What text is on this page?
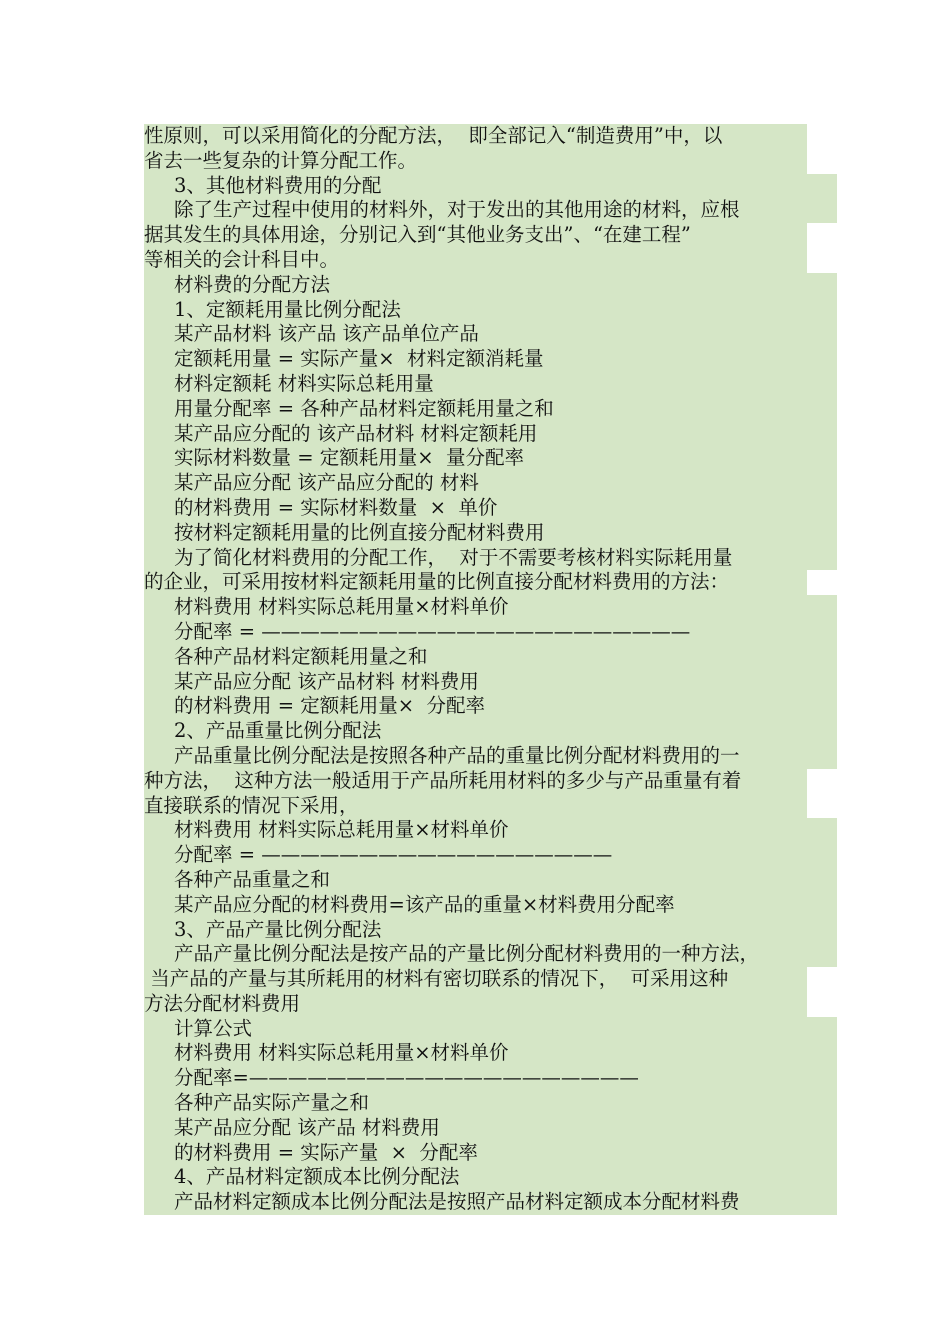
性原则，可以采用简化的分配方法，  即全部记入“制造费用”中，以
省去一些复杂的计算分配工作。
3、其他材料费用的分配
除了生产过程中使用的材料外，对于发出的其他用途的材料，应根
据其发生的具体用途，分别记入到“其他业务支出”、“在建工程”
等相关的会计科目中。
材料费的分配方法
1、定额耗用量比例分配法
某产品材料 该产品 该产品单位产品
定额耗用量 = 实际产量×  材料定额消耗量
材料定额耗 材料实际总耗用量
用量分配率 = 各种产品材料定额耗用量之和
某产品应分配的 该产品材料 材料定额耗用
实际材料数量 = 定额耗用量×  量分配率
某产品应分配 该产品应分配的 材料
的材料费用 = 实际材料数量  ×  单价
按材料定额耗用量的比例直接分配材料费用
为了简化材料费用的分配工作，  对于不需要考核材料实际耗用量
的企业，可采用按材料定额耗用量的比例直接分配材料费用的方法：
材料费用 材料实际总耗用量×材料单价
分配率 = ——————————————————————
各种产品材料定额耗用量之和
某产品应分配 该产品材料 材料费用
的材料费用 = 定额耗用量×  分配率
2、产品重量比例分配法
产品重量比例分配法是按照各种产品的重量比例分配材料费用的一
种方法，  这种方法一般适用于产品所耗用材料的多少与产品重量有着
直接联系的情况下采用，
材料费用 材料实际总耗用量×材料单价
分配率 = ——————————————————
各种产品重量之和
某产品应分配的材料费用=该产品的重量×材料费用分配率
3、产品产量比例分配法
产品产量比例分配法是按产品的产量比例分配材料费用的一种方法，
当产品的产量与其所耗用的材料有密切联系的情况下，  可采用这种
方法分配材料费用
计算公式
材料费用 材料实际总耗用量×材料单价
分配率=————————————————————
各种产品实际产量之和
某产品应分配 该产品 材料费用
的材料费用 = 实际产量  ×  分配率
4、产品材料定额成本比例分配法
产品材料定额成本比例分配法是按照产品材料定额成本分配材料费
